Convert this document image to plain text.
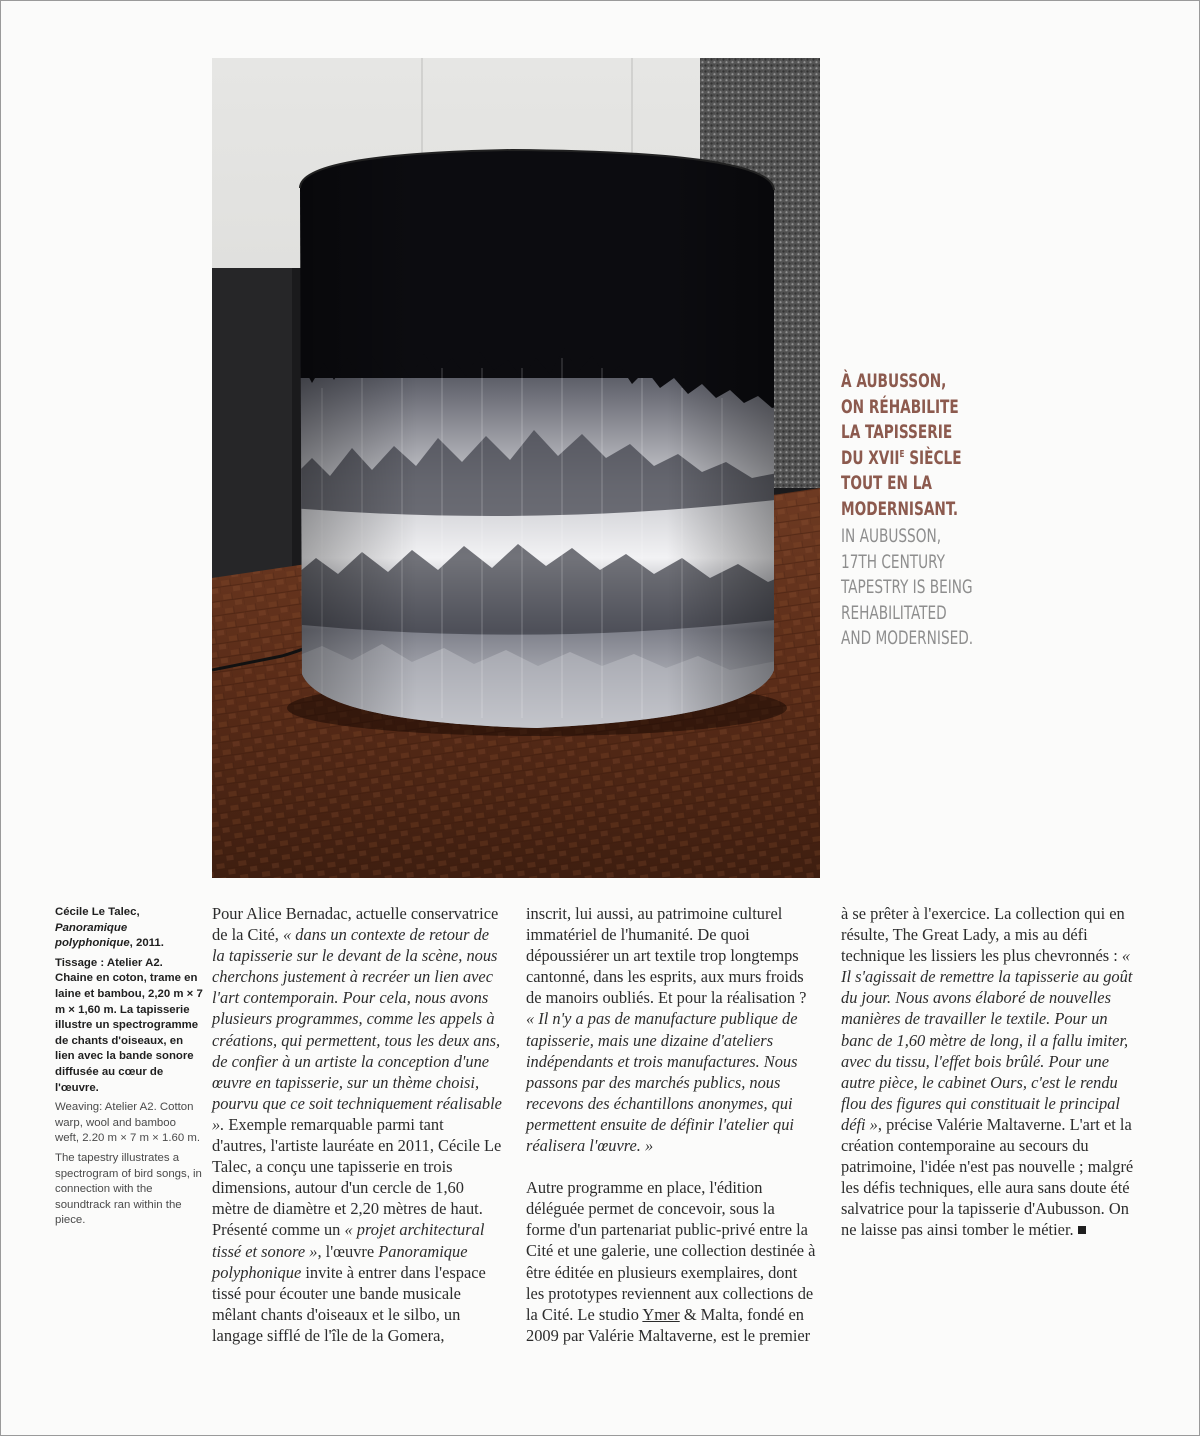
À AUBUSSON,
ON RÉHABILITE
LA TAPISSERIE
DU $XVII^E$ SIÈCLE
TOUT EN LA
MODERNISANT.
IN AUBUSSON,
17TH CENTURY
TAPESTRY IS BEING
REHABILITATED
AND MODERNISED.

Cécile Le Talec,
Panoramique polyphonique, 2011.

Tissage : Atelier A2. Chaine en coton, trame en laine et bambou, 2,20 m × 7 m × 1,60 m. La tapisserie illustre un spectrogramme de chants d'oiseaux, en lien avec la bande sonore diffusée au cœur de l'œuvre.

Weaving: Atelier A2. Cotton warp, wool and bamboo weft, 2.20 m × 7 m × 1.60 m.

The tapestry illustrates a spectrogram of bird songs, in connection with the soundtrack ran within the piece.

Pour Alice Bernadac, actuelle conservatrice de la Cité, « dans un contexte de retour de la tapisserie sur le devant de la scène, nous cherchons justement à recréer un lien avec l'art contemporain. Pour cela, nous avons plusieurs programmes, comme les appels à créations, qui permettent, tous les deux ans, de confier à un artiste la conception d'une œuvre en tapisserie, sur un thème choisi, pourvu que ce soit techniquement réalisable ». Exemple remarquable parmi tant d'autres, l'artiste lauréate en 2011, Cécile Le Talec, a conçu une tapisserie en trois dimensions, autour d'un cercle de 1,60 mètre de diamètre et 2,20 mètres de haut. Présenté comme un « projet architectural tissé et sonore », l'œuvre Panoramique polyphonique invite à entrer dans l'espace tissé pour écouter une bande musicale mêlant chants d'oiseaux et le silbo, un langage sifflé de l'île de la Gomera,

inscrit, lui aussi, au patrimoine culturel immatériel de l'humanité. De quoi dépoussiérer un art textile trop longtemps cantonné, dans les esprits, aux murs froids de manoirs oubliés. Et pour la réalisation ? « Il n'y a pas de manufacture publique de tapisserie, mais une dizaine d'ateliers indépendants et trois manufactures. Nous passons par des marchés publics, nous recevons des échantillons anonymes, qui permettent ensuite de définir l'atelier qui réalisera l'œuvre. »

Autre programme en place, l'édition déléguée permet de concevoir, sous la forme d'un partenariat public-privé entre la Cité et une galerie, une collection destinée à être éditée en plusieurs exemplaires, dont les prototypes reviennent aux collections de la Cité. Le studio Ymer & Malta, fondé en 2009 par Valérie Maltaverne, est le premier

à se prêter à l'exercice. La collection qui en résulte, The Great Lady, a mis au défi technique les lissiers les plus chevronnés : « Il s'agissait de remettre la tapisserie au goût du jour. Nous avons élaboré de nouvelles manières de travailler le textile. Pour un banc de 1,60 mètre de long, il a fallu imiter, avec du tissu, l'effet bois brûlé. Pour une autre pièce, le cabinet Ours, c'est le rendu flou des figures qui constituait le principal défi », précise Valérie Maltaverne. L'art et la création contemporaine au secours du patrimoine, l'idée n'est pas nouvelle ; malgré les défis techniques, elle aura sans doute été salvatrice pour la tapisserie d'Aubusson. On ne laisse pas ainsi tomber le métier.
